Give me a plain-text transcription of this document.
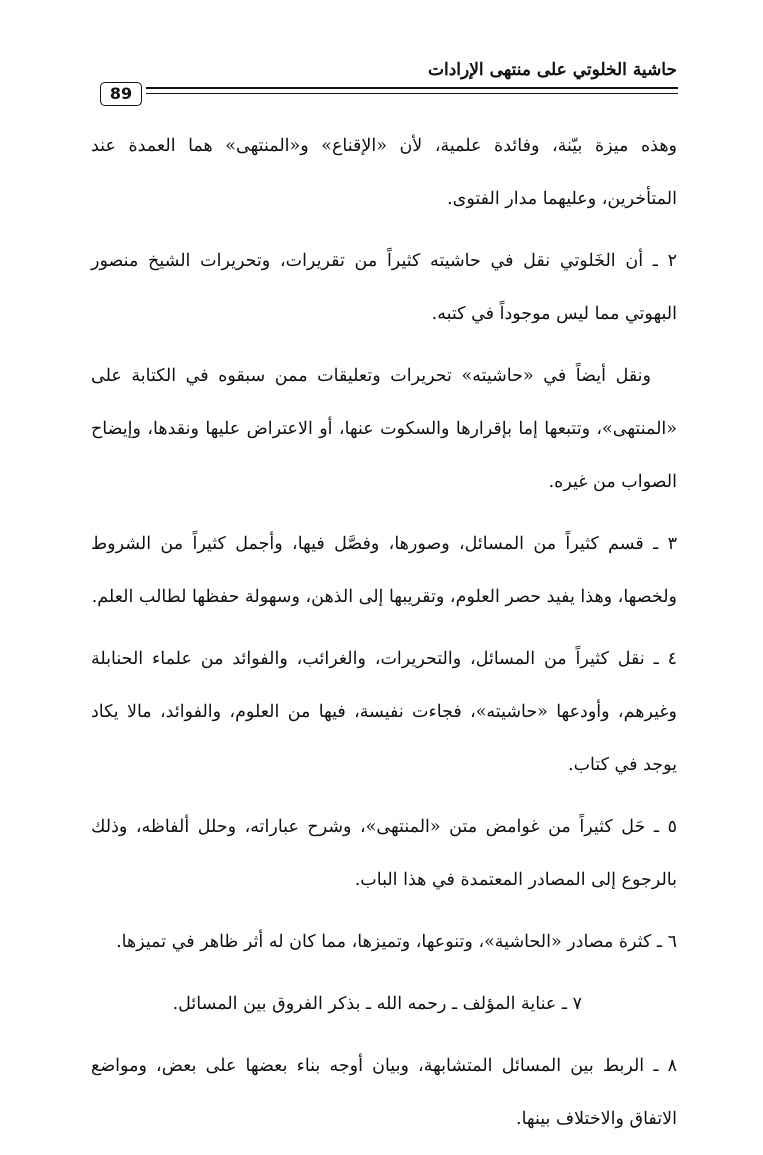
حاشية الخلوتي على منتهى الإرادات
89

وهذه ميزة بيّنة، وفائدة علمية، لأن «الإقناع» و«المنتهى» هما العمدة عند المتأخرين، وعليهما مدار الفتوى.

٢ ـ أن الخَلوتي نقل في حاشيته كثيراً من تقريرات، وتحريرات الشيخ منصور البهوتي مما ليس موجوداً في كتبه.

ونقل أيضاً في «حاشيته» تحريرات وتعليقات ممن سبقوه في الكتابة على «المنتهى»، وتتبعها إما بإقرارها والسكوت عنها، أو الاعتراض عليها ونقدها، وإيضاح الصواب من غيره.

٣ ـ قسم كثيراً من المسائل، وصورها، وفصَّل فيها، وأجمل كثيراً من الشروط ولخصها، وهذا يفيد حصر العلوم، وتقريبها إلى الذهن، وسهولة حفظها لطالب العلم.

٤ ـ نقل كثيراً من المسائل، والتحريرات، والغرائب، والفوائد من علماء الحنابلة وغيرهم، وأودعها «حاشيته»، فجاءت نفيسة، فيها من العلوم، والفوائد، مالا يكاد يوجد في كتاب.

٥ ـ حَل كثيراً من غوامض متن «المنتهى»، وشرح عباراته، وحلل ألفاظه، وذلك بالرجوع إلى المصادر المعتمدة في هذا الباب.

٦ ـ كثرة مصادر «الحاشية»، وتنوعها، وتميزها، مما كان له أثر ظاهر في تميزها.

٧ ـ عناية المؤلف ـ رحمه الله ـ بذكر الفروق بين المسائل.

٨ ـ الربط بين المسائل المتشابهة، وبيان أوجه بناء بعضها على بعض، ومواضع الاتفاق والاختلاف بينها.
